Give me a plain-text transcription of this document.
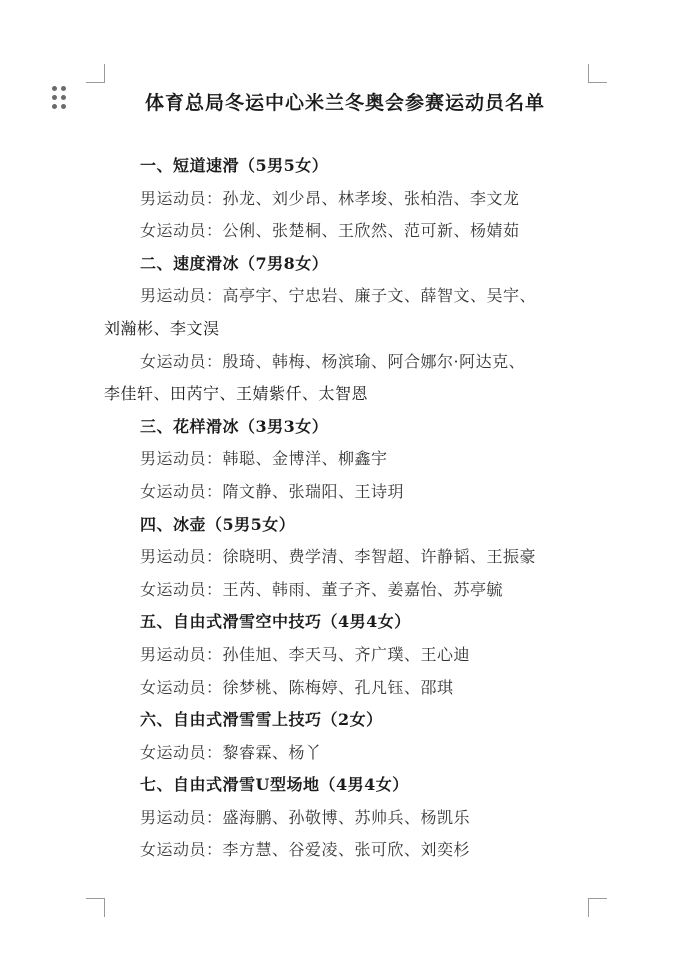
体育总局冬运中心米兰冬奥会参赛运动员名单
一、短道速滑（5男5女）
男运动员：孙龙、刘少昂、林孝埈、张柏浩、李文龙
女运动员：公俐、张楚桐、王欣然、范可新、杨婧茹
二、速度滑冰（7男8女）
男运动员：高亭宇、宁忠岩、廉子文、薛智文、吴宇、
刘瀚彬、李文淏
女运动员：殷琦、韩梅、杨滨瑜、阿合娜尔·阿达克、
李佳轩、田芮宁、王婧紫仟、太智恩
三、花样滑冰（3男3女）
男运动员：韩聪、金博洋、柳鑫宇
女运动员：隋文静、张瑞阳、王诗玥
四、冰壶（5男5女）
男运动员：徐晓明、费学清、李智超、许静韬、王振豪
女运动员：王芮、韩雨、董子齐、姜嘉怡、苏亭毓
五、自由式滑雪空中技巧（4男4女）
男运动员：孙佳旭、李天马、齐广璞、王心迪
女运动员：徐梦桃、陈梅婷、孔凡钰、邵琪
六、自由式滑雪雪上技巧（2女）
女运动员：黎睿霖、杨丫
七、自由式滑雪U型场地（4男4女）
男运动员：盛海鹏、孙敬博、苏帅兵、杨凯乐
女运动员：李方慧、谷爱凌、张可欣、刘奕杉
